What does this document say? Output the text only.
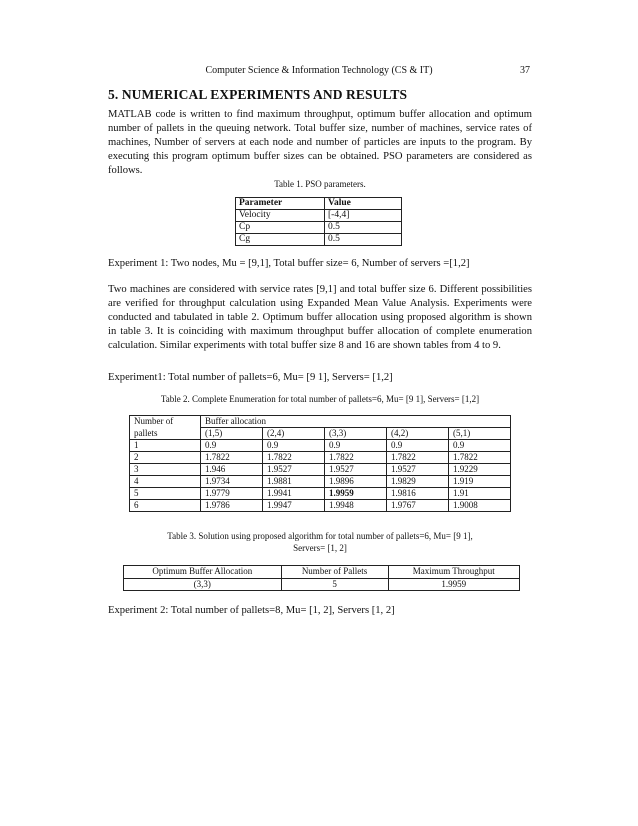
Computer Science & Information Technology (CS & IT)	37
5. NUMERICAL EXPERIMENTS AND RESULTS

MATLAB code is written to find maximum throughput, optimum buffer allocation and optimum number of pallets in the queuing network. Total buffer size, number of machines, service rates of machines, Number of servers at each node and number of particles are inputs to the program. By executing this program optimum buffer sizes can be obtained. PSO parameters are considered as follows.

Table 1. PSO parameters.
Parameter	Value
Velocity	[-4,4]
Cp	0.5
Cg	0.5

Experiment 1: Two nodes, Mu = [9,1], Total buffer size= 6, Number of servers =[1,2]

Two machines are considered with service rates [9,1] and total buffer size 6. Different possibilities are verified for throughput calculation using Expanded Mean Value Analysis. Experiments were conducted and tabulated in table 2. Optimum buffer allocation using proposed algorithm is shown in table 3. It is coinciding with maximum throughput buffer allocation of complete enumeration calculation. Similar experiments with total buffer size 8 and 16 are shown tables from 4 to 9.

Experiment1: Total number of pallets=6, Mu= [9 1], Servers= [1,2]

Table 2. Complete Enumeration for total number of pallets=6, Mu= [9 1], Servers= [1,2]
Number of	Buffer allocation				
pallets	(1,5)	(2,4)	(3,3)	(4,2)	(5,1)
1	0.9	0.9	0.9	0.9	0.9
2	1.7822	1.7822	1.7822	1.7822	1.7822
3	1.946	1.9527	1.9527	1.9527	1.9229
4	1.9734	1.9881	1.9896	1.9829	1.919
5	1.9779	1.9941	1.9959	1.9816	1.91
6	1.9786	1.9947	1.9948	1.9767	1.9008
Table 3. Solution using proposed algorithm for total number of pallets=6, Mu= [9 1],
Servers= [1, 2]
Optimum Buffer Allocation	Number of Pallets	Maximum Throughput
(3,3)	5	1.9959

Experiment 2: Total number of pallets=8, Mu= [1, 2], Servers [1, 2]
